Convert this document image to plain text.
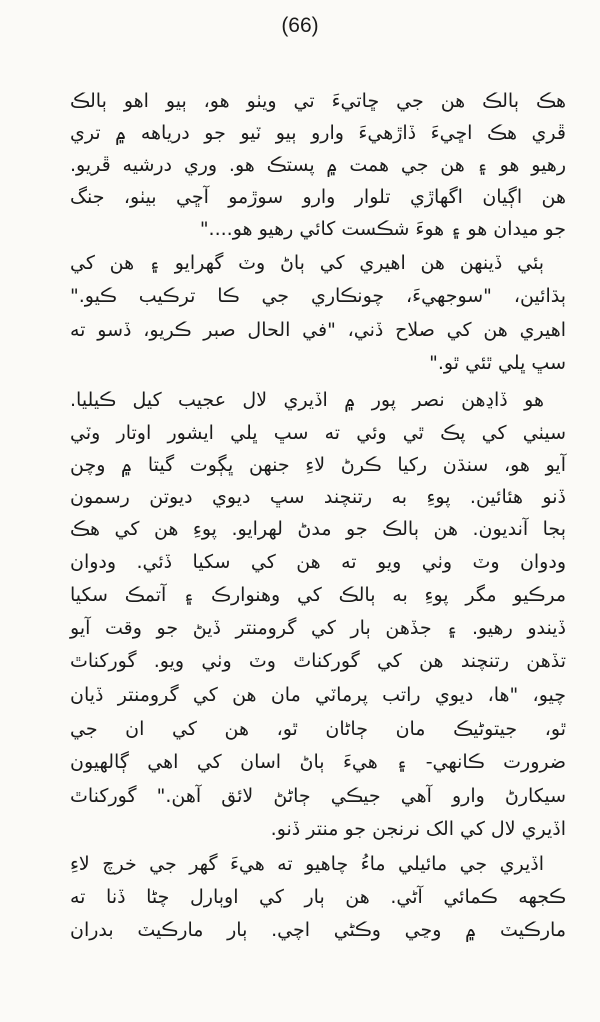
(66)
هڪ ٻالڪ هن جي ڇاتيءَ تي ويٺو هو، ٻيو اهو ٻالڪ
ڦري هڪ اڇيءَ ڏاڙهيءَ وارو ٻيو ٽيو جو درياهه ۾ تري
رهيو هو ۽ هن جي همت ۾ پستڪ هو. وري درشيه ڦريو.
هن اڳيان اگهاڙي تلوار وارو سوڙمو آڇي بيٺو، جنگ
جو ميدان هو ۽ هوءَ شڪست کائي رهيو هو...."
ٻئي ڏينهن هن اهيري کي ٻاڻ وٽ گهرايو ۽ هن کي
ٻڌائين، "سوجهيءَ، چونڪاري جي ڪا ترڪيب ڪيو."
اهيري هن کي صلاح ڏني، "في الحال صبر ڪريو، ڏسو ته
سڀ ڀلي ٿئي ٿو."
هو ڏاڍهن نصر پور ۾ اڏيري لال عجيب کيل ڪيليا.
سيٺي کي پڪ ٿي وئي ته سڀ ڀلي ايشور اوتار وٽي
آيو هو، سنڌن رکيا ڪرڻ لاءِ جنهن ڀڳوت گيتا ۾ وچن
ڏنو هئائين. پوءِ به رتنچند سڀ ديوي ديوتن رسمون
ٻجا آنديون. هن ٻالڪ جو مدڻ لهرايو. پوءِ هن کي هڪ
ودوان وٽ وٺي ويو ته هن کي سکيا ڏئي. ودوان
مرڪيو مگر پوءِ به ٻالڪ کي وهنوارڪ ۽ آتمڪ سکيا
ڏيندو رهيو. ۽ جڏهن ٻار کي گرومنتر ڏيڻ جو وقت آيو
تڏهن رتنچند هن کي گورکناٿ وٽ وٺي ويو. گورکناٿ
چيو، "ها، ديوي راتب پرماٽي مان هن کي گرومنتر ڏيان
ٿو، جيتوڻيڪ مان ڄاڻان ٿو، هن کي ان جي
ضرورت ڪانهي- ۽ هيءَ ٻاڻ اسان کي اهي ڳالهيون
سيکارڻ وارو آهي جيڪي ڄاڻڻ لائق آهن." گورکناٿ
اڏيري لال کي الک نرنجن جو منتر ڏنو.
اڏيري جي مائيلي ماءُ چاهيو ته هيءَ گهر جي خرچ لاءِ
ڪجهه ڪمائي آڻي. هن ٻار کي اوٻارل چڻا ڏنا ته
مارڪيٽ ۾ وڃي وڪڻي اچي. ٻار مارڪيٽ بدران
